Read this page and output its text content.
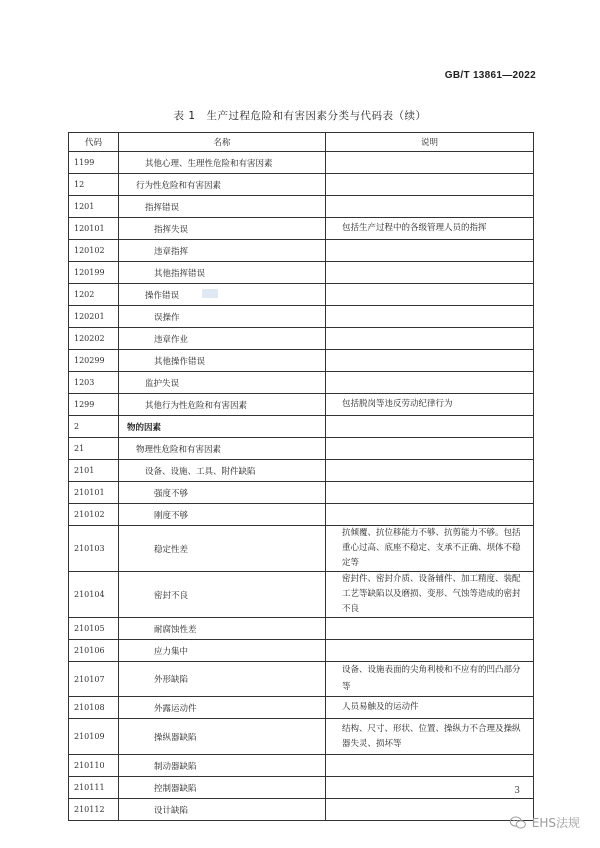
GB/T 13861—2022
表 1　生产过程危险和有害因素分类与代码表（续）
代码	名称	说明
1199	其他心理、生理性危险和有害因素	
12	行为性危险和有害因素	
1201	指挥错误	
120101	指挥失误	包括生产过程中的各级管理人员的指挥
120102	违章指挥	
120199	其他指挥错误	
1202	操作错误	
120201	误操作	
120202	违章作业	
120299	其他操作错误	
1203	监护失误	
1299	其他行为性危险和有害因素	包括脱岗等违反劳动纪律行为
2	物的因素	
21	物理性危险和有害因素	
2101	设备、设施、工具、附件缺陷	
210101	强度不够	
210102	刚度不够	
210103	稳定性差	抗倾覆、抗位移能力不够、抗剪能力不够。包括重心过高、底座不稳定、支承不正确、坝体不稳定等
210104	密封不良	密封件、密封介质、设备辅件、加工精度、装配工艺等缺陷以及磨损、变形、气蚀等造成的密封不良
210105	耐腐蚀性差	
210106	应力集中	
210107	外形缺陷	设备、设施表面的尖角利棱和不应有的凹凸部分等
210108	外露运动件	人员易触及的运动件
210109	操纵器缺陷	结构、尺寸、形状、位置、操纵力不合理及操纵器失灵、损坏等
210110	制动器缺陷	
210111	控制器缺陷	
210112	设计缺陷	
3
EHS法规
